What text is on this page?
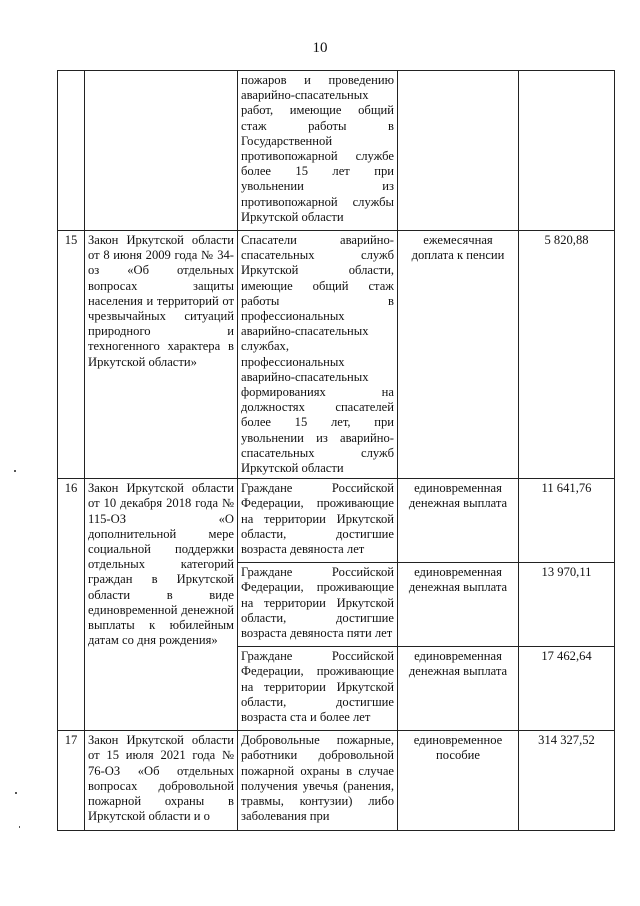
10
		пожаров и проведению аварийно-спасательных работ, имеющие общий стаж работы в Государственной противопожарной службе более 15 лет при увольнении из противопожарной службы Иркутской области		
15	Закон Иркутской области от 8 июня 2009 года № 34-оз «Об отдельных вопросах защиты населения и территорий от чрезвычайных ситуаций природного и техногенного характера в Иркутской области»	Спасатели аварийно-спасательных служб Иркутской области, имеющие общий стаж работы в профессиональных аварийно-спасательных службах, профессиональных аварийно-спасательных формированиях на должностях спасателей более 15 лет, при увольнении из аварийно-спасательных служб Иркутской области	ежемесячная доплата к пенсии	5 820,88
16	Закон Иркутской области от 10 декабря 2018 года № 115-ОЗ «О дополнительной мере социальной поддержки отдельных категорий граждан в Иркутской области в виде единовременной денежной выплаты к юбилейным датам со дня рождения»	Граждане Российской Федерации, проживающие на территории Иркутской области, достигшие возраста девяноста лет	единовременная денежная выплата	11 641,76
		Граждане Российской Федерации, проживающие на территории Иркутской области, достигшие возраста девяноста пяти лет	единовременная денежная выплата	13 970,11
		Граждане Российской Федерации, проживающие на территории Иркутской области, достигшие возраста ста и более лет	единовременная денежная выплата	17 462,64
17	Закон Иркутской области от 15 июля 2021 года № 76-ОЗ «Об отдельных вопросах добровольной пожарной охраны в Иркутской области и о	Добровольные пожарные, работники добровольной пожарной охраны в случае получения увечья (ранения, травмы, контузии) либо заболевания при	единовременное пособие	314 327,52
